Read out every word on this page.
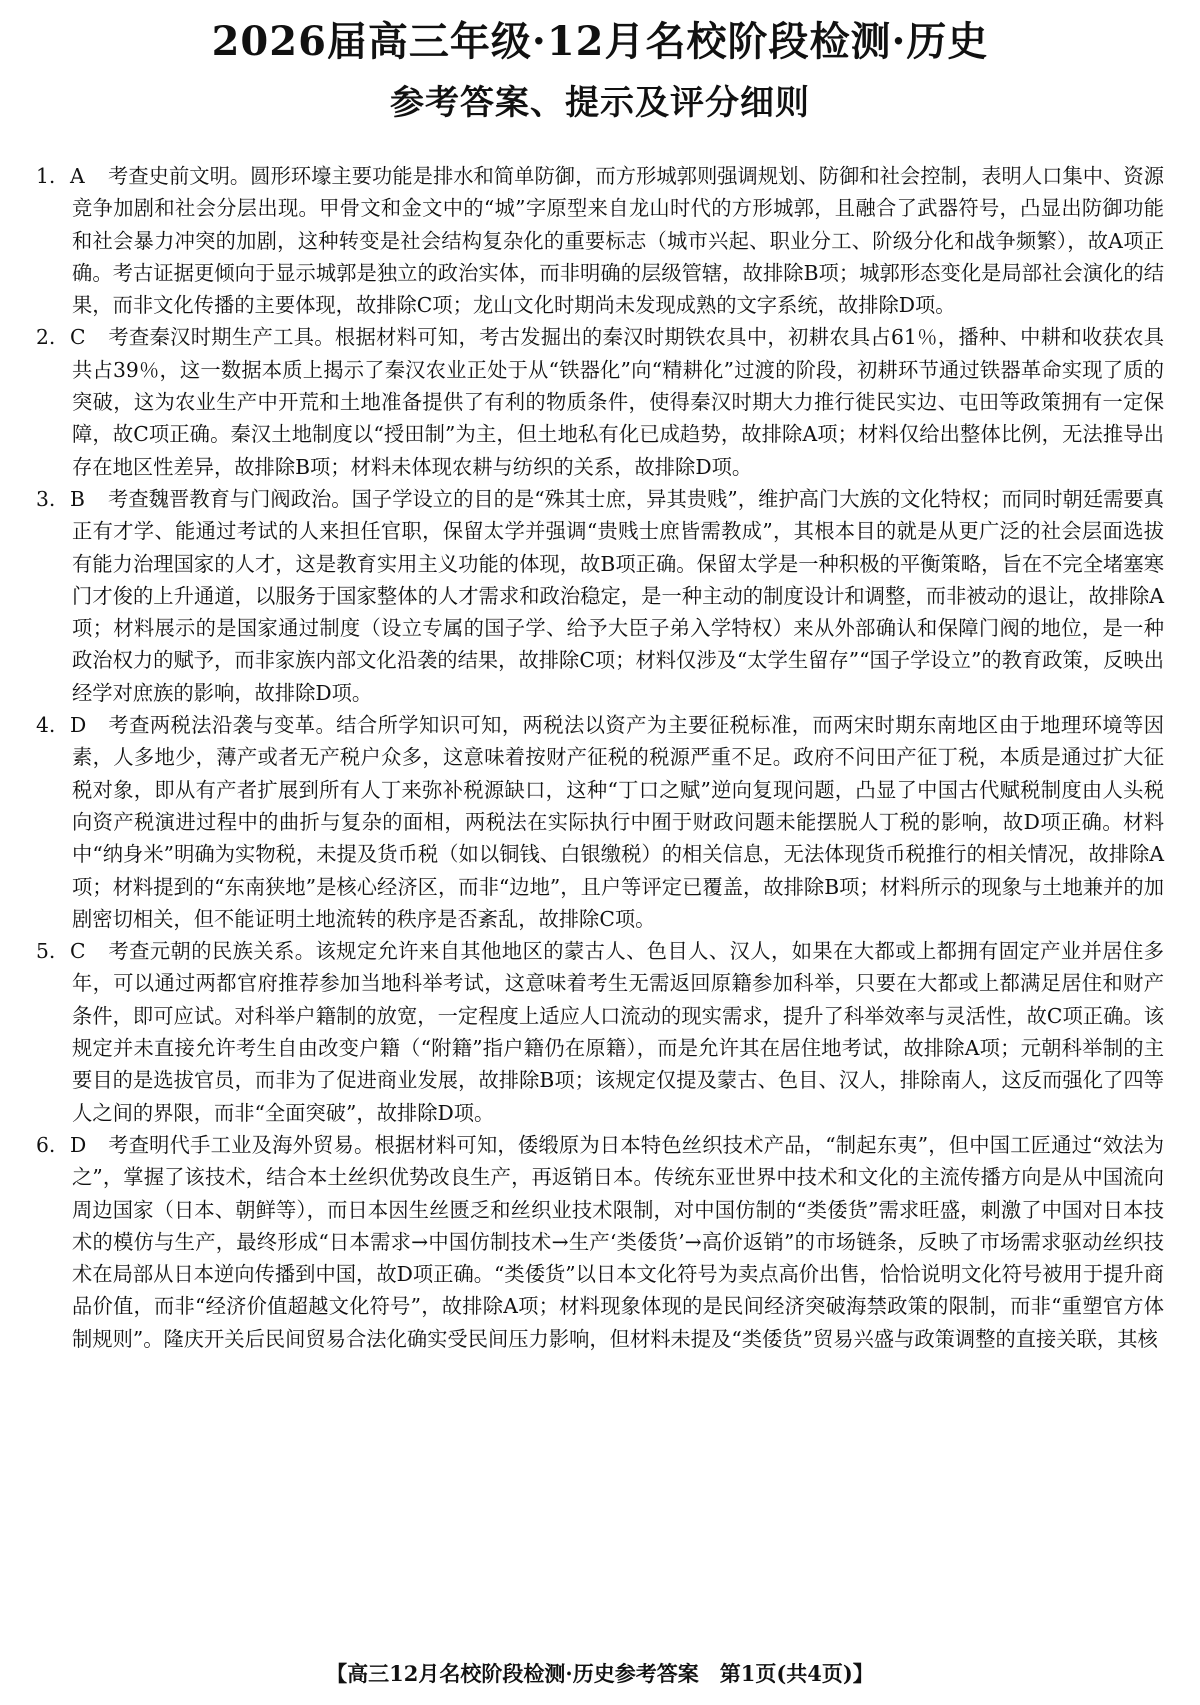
2026届高三年级·12月名校阶段检测·历史
参考答案、提示及评分细则

1. A 考查史前文明。圆形环壕主要功能是排水和简单防御，而方形城郭则强调规划、防御和社会控制，表明人口集中、资源竞争加剧和社会分层出现。甲骨文和金文中的“城”字原型来自龙山时代的方形城郭，且融合了武器符号，凸显出防御功能和社会暴力冲突的加剧，这种转变是社会结构复杂化的重要标志（城市兴起、职业分工、阶级分化和战争频繁），故A项正确。考古证据更倾向于显示城郭是独立的政治实体，而非明确的层级管辖，故排除B项；城郭形态变化是局部社会演化的结果，而非文化传播的主要体现，故排除C项；龙山文化时期尚未发现成熟的文字系统，故排除D项。

2. C 考查秦汉时期生产工具。根据材料可知，考古发掘出的秦汉时期铁农具中，初耕农具占61％，播种、中耕和收获农具共占39％，这一数据本质上揭示了秦汉农业正处于从“铁器化”向“精耕化”过渡的阶段，初耕环节通过铁器革命实现了质的突破，这为农业生产中开荒和土地准备提供了有利的物质条件，使得秦汉时期大力推行徙民实边、屯田等政策拥有一定保障，故C项正确。秦汉土地制度以“授田制”为主，但土地私有化已成趋势，故排除A项；材料仅给出整体比例，无法推导出存在地区性差异，故排除B项；材料未体现农耕与纺织的关系，故排除D项。

3. B 考查魏晋教育与门阀政治。国子学设立的目的是“殊其士庶，异其贵贱”，维护高门大族的文化特权；而同时朝廷需要真正有才学、能通过考试的人来担任官职，保留太学并强调“贵贱士庶皆需教成”，其根本目的就是从更广泛的社会层面选拔有能力治理国家的人才，这是教育实用主义功能的体现，故B项正确。保留太学是一种积极的平衡策略，旨在不完全堵塞寒门才俊的上升通道，以服务于国家整体的人才需求和政治稳定，是一种主动的制度设计和调整，而非被动的退让，故排除A项；材料展示的是国家通过制度（设立专属的国子学、给予大臣子弟入学特权）来从外部确认和保障门阀的地位，是一种政治权力的赋予，而非家族内部文化沿袭的结果，故排除C项；材料仅涉及“太学生留存”“国子学设立”的教育政策，反映出经学对庶族的影响，故排除D项。

4. D 考查两税法沿袭与变革。结合所学知识可知，两税法以资产为主要征税标准，而两宋时期东南地区由于地理环境等因素，人多地少，薄产或者无产税户众多，这意味着按财产征税的税源严重不足。政府不问田产征丁税，本质是通过扩大征税对象，即从有产者扩展到所有人丁来弥补税源缺口，这种“丁口之赋”逆向复现问题，凸显了中国古代赋税制度由人头税向资产税演进过程中的曲折与复杂的面相，两税法在实际执行中囿于财政问题未能摆脱人丁税的影响，故D项正确。材料中“纳身米”明确为实物税，未提及货币税（如以铜钱、白银缴税）的相关信息，无法体现货币税推行的相关情况，故排除A项；材料提到的“东南狭地”是核心经济区，而非“边地”，且户等评定已覆盖，故排除B项；材料所示的现象与土地兼并的加剧密切相关，但不能证明土地流转的秩序是否紊乱，故排除C项。

5. C 考查元朝的民族关系。该规定允许来自其他地区的蒙古人、色目人、汉人，如果在大都或上都拥有固定产业并居住多年，可以通过两都官府推荐参加当地科举考试，这意味着考生无需返回原籍参加科举，只要在大都或上都满足居住和财产条件，即可应试。对科举户籍制的放宽，一定程度上适应人口流动的现实需求，提升了科举效率与灵活性，故C项正确。该规定并未直接允许考生自由改变户籍（“附籍”指户籍仍在原籍），而是允许其在居住地考试，故排除A项；元朝科举制的主要目的是选拔官员，而非为了促进商业发展，故排除B项；该规定仅提及蒙古、色目、汉人，排除南人，这反而强化了四等人之间的界限，而非“全面突破”，故排除D项。

6. D 考查明代手工业及海外贸易。根据材料可知，倭缎原为日本特色丝织技术产品，“制起东夷”，但中国工匠通过“效法为之”，掌握了该技术，结合本土丝织优势改良生产，再返销日本。传统东亚世界中技术和文化的主流传播方向是从中国流向周边国家（日本、朝鲜等），而日本因生丝匮乏和丝织业技术限制，对中国仿制的“类倭货”需求旺盛，刺激了中国对日本技术的模仿与生产，最终形成“日本需求→中国仿制技术→生产‘类倭货’→高价返销”的市场链条，反映了市场需求驱动丝织技术在局部从日本逆向传播到中国，故D项正确。“类倭货”以日本文化符号为卖点高价出售，恰恰说明文化符号被用于提升商品价值，而非“经济价值超越文化符号”，故排除A项；材料现象体现的是民间经济突破海禁政策的限制，而非“重塑官方体制规则”。隆庆开关后民间贸易合法化确实受民间压力影响，但材料未提及“类倭货”贸易兴盛与政策调整的直接关联，其核

【高三12月名校阶段检测·历史参考答案　第1页(共4页)】
